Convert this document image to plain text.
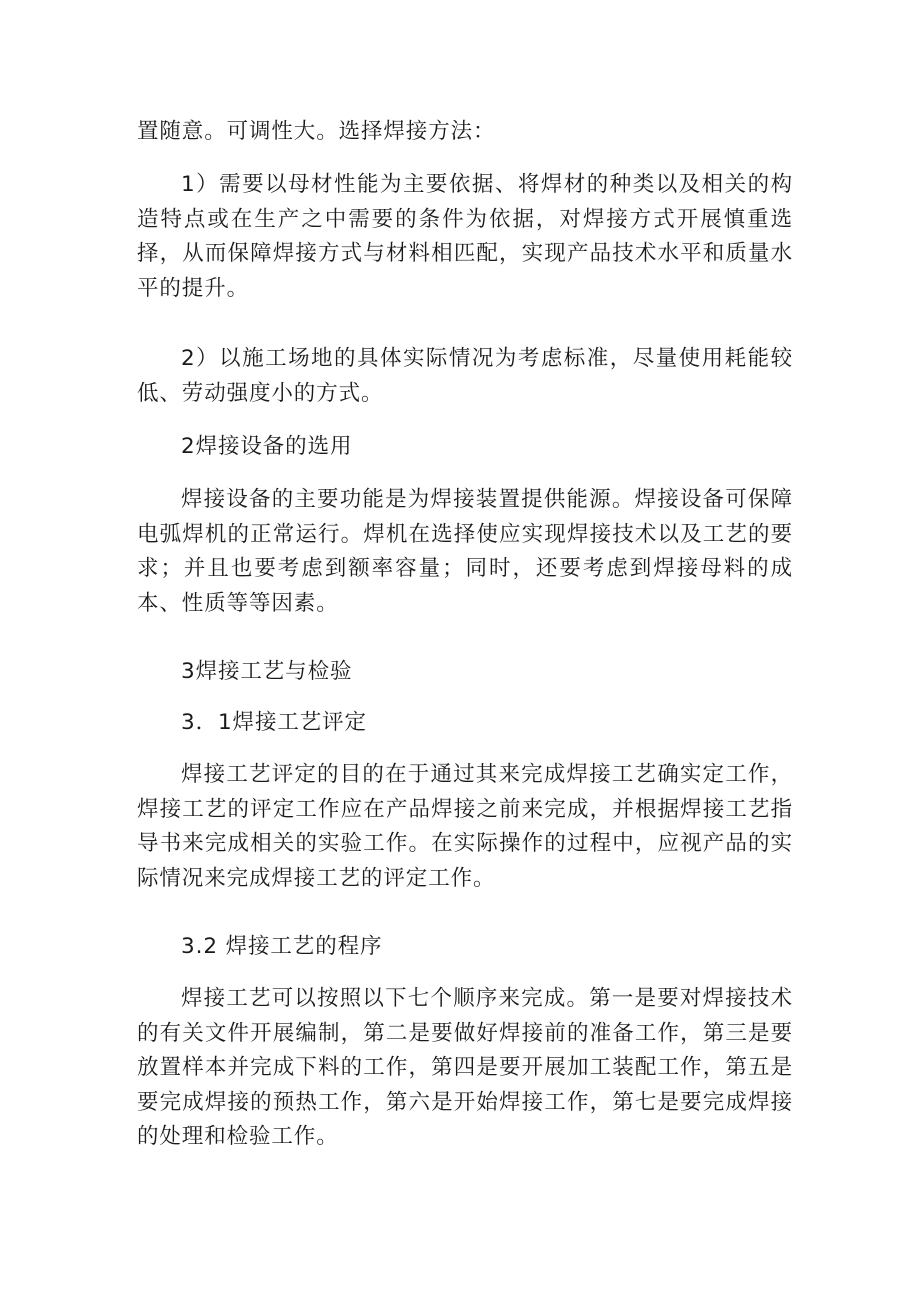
置随意。可调性大。选择焊接方法：

1）需要以母材性能为主要依据、将焊材的种类以及相关的构造特点或在生产之中需要的条件为依据，对焊接方式开展慎重选择，从而保障焊接方式与材料相匹配，实现产品技术水平和质量水平的提升。

2）以施工场地的具体实际情况为考虑标准，尽量使用耗能较低、劳动强度小的方式。

2焊接设备的选用

焊接设备的主要功能是为焊接装置提供能源。焊接设备可保障电弧焊机的正常运行。焊机在选择使应实现焊接技术以及工艺的要求；并且也要考虑到额率容量；同时，还要考虑到焊接母料的成本、性质等等因素。

3焊接工艺与检验

3．1焊接工艺评定

焊接工艺评定的目的在于通过其来完成焊接工艺确实定工作，焊接工艺的评定工作应在产品焊接之前来完成，并根据焊接工艺指导书来完成相关的实验工作。在实际操作的过程中，应视产品的实际情况来完成焊接工艺的评定工作。

3.2 焊接工艺的程序

焊接工艺可以按照以下七个顺序来完成。第一是要对焊接技术的有关文件开展编制，第二是要做好焊接前的准备工作，第三是要放置样本并完成下料的工作，第四是要开展加工装配工作，第五是要完成焊接的预热工作，第六是开始焊接工作，第七是要完成焊接的处理和检验工作。
